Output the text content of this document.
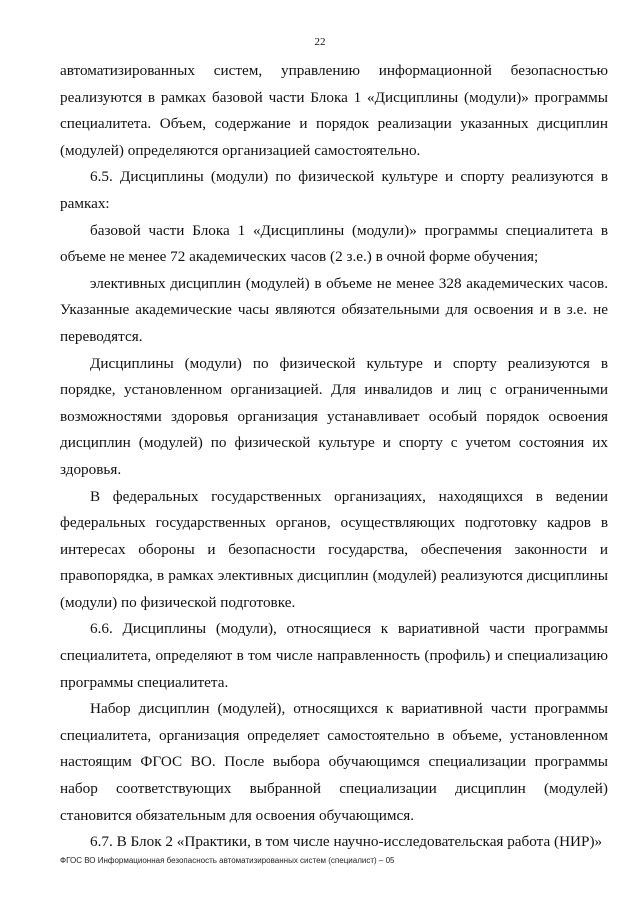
22

автоматизированных систем, управлению информационной безопасностью реализуются в рамках базовой части Блока 1 «Дисциплины (модули)» программы специалитета. Объем, содержание и порядок реализации указанных дисциплин (модулей) определяются организацией самостоятельно.

6.5. Дисциплины (модули) по физической культуре и спорту реализуются в рамках:

базовой части Блока 1 «Дисциплины (модули)» программы специалитета в объеме не менее 72 академических часов (2 з.е.) в очной форме обучения;

элективных дисциплин (модулей) в объеме не менее 328 академических часов. Указанные академические часы являются обязательными для освоения и в з.е. не переводятся.

Дисциплины (модули) по физической культуре и спорту реализуются в порядке, установленном организацией. Для инвалидов и лиц с ограниченными возможностями здоровья организация устанавливает особый порядок освоения дисциплин (модулей) по физической культуре и спорту с учетом состояния их здоровья.

В федеральных государственных организациях, находящихся в ведении федеральных государственных органов, осуществляющих подготовку кадров в интересах обороны и безопасности государства, обеспечения законности и правопорядка, в рамках элективных дисциплин (модулей) реализуются дисциплины (модули) по физической подготовке.

6.6. Дисциплины (модули), относящиеся к вариативной части программы специалитета, определяют в том числе направленность (профиль) и специализацию программы специалитета.

Набор дисциплин (модулей), относящихся к вариативной части программы специалитета, организация определяет самостоятельно в объеме, установленном настоящим ФГОС ВО. После выбора обучающимся специализации программы набор соответствующих выбранной специализации дисциплин (модулей) становится обязательным для освоения обучающимся.

6.7. В Блок 2 «Практики, в том числе научно-исследовательская работа (НИР)»

ФГОС ВО Информационная безопасность автоматизированных систем (специалист) – 05
